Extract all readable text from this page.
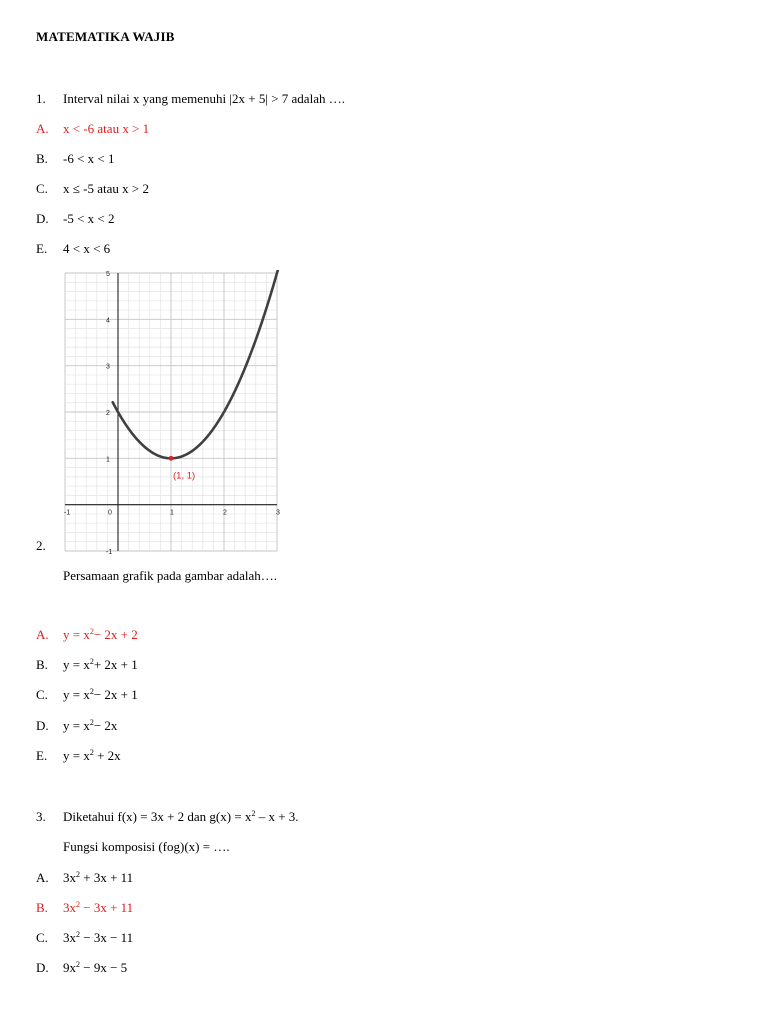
MATEMATIKA WAJIB
1. Interval nilai x yang memenuhi |2x + 5| > 7 adalah ….
A. x < -6 atau x > 1
B. -6 < x < 1
C. x ≤ -5 atau x > 2
D. -5 < x < 2
E. 4 < x < 6
-1	0	1	2	3
-1
1
2
3
4
5
(1, 1)
2.
Persamaan grafik pada gambar adalah….
A. $y = x^2- 2x + 2$
B. $y = x^2+ 2x + 1$
C. $y = x^2- 2x + 1$
D. $y = x^2- 2x$
E. $y = x^2 + 2x$
3. Diketahui f(x) = 3x + 2 dan $g(x) = x^2 - x + 3$.
Fungsi komposisi (fog)(x) = ….
A. $3x^2 + 3x + 11$
B. $3x^2 - 3x + 11$
C. $3x^2 - 3x - 11$
D. $9x^2 - 9x - 5$
